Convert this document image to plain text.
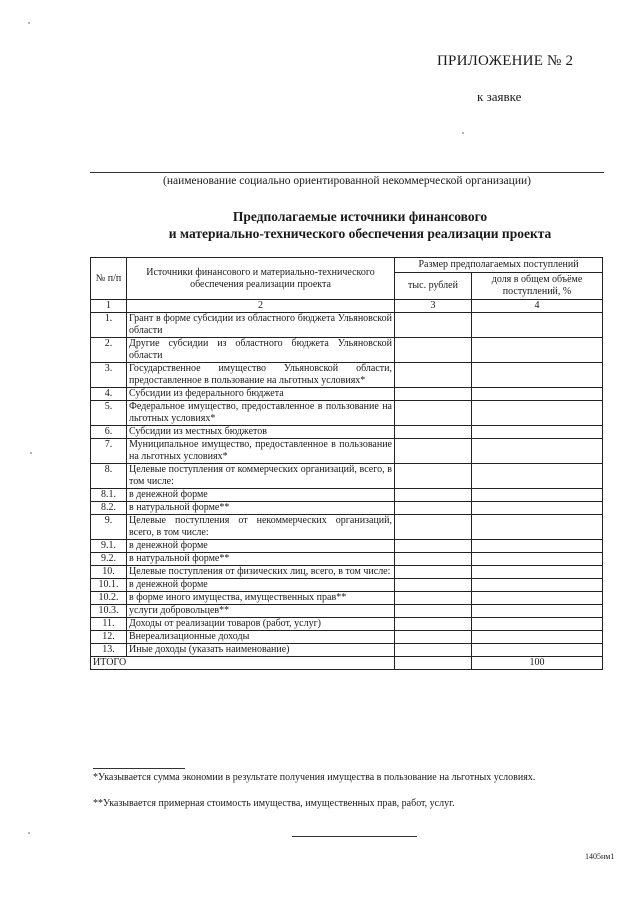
ПРИЛОЖЕНИЕ № 2
к заявке
(наименование социально ориентированной некоммерческой организации)
Предполагаемые источники финансового
и материально-технического обеспечения реализации проекта
№ п/п	Источники финансового и материально-технического обеспечения реализации проекта	Размер предполагаемых поступлений	
		тыс. рублей	доля в общем объёме поступлений, %
1	2	3	4
1.	Грант в форме субсидии из областного бюджета Ульяновской области		
2.	Другие субсидии из областного бюджета Ульяновской области		
3.	Государственное имущество Ульяновской области, предоставленное в пользование на льготных условиях*		
4.	Субсидии из федерального бюджета		
5.	Федеральное имущество, предоставленное в пользование на льготных условиях*		
6.	Субсидии из местных бюджетов		
7.	Муниципальное имущество, предоставленное в пользование на льготных условиях*		
8.	Целевые поступления от коммерческих организаций, всего, в том числе:		
8.1.	в денежной форме		
8.2.	в натуральной форме**		
9.	Целевые поступления от некоммерческих организаций, всего, в том числе:		
9.1.	в денежной форме		
9.2.	в натуральной форме**		
10.	Целевые поступления от физических лиц, всего, в том числе:		
10.1.	в денежной форме		
10.2.	в форме иного имущества, имущественных прав**		
10.3.	услуги добровольцев**		
11.	Доходы от реализации товаров (работ, услуг)		
12.	Внереализационные доходы		
13.	Иные доходы (указать наименование)		
ИТОГО			100
*Указывается сумма экономии в результате получения имущества в пользование на льготных условиях.
**Указывается примерная стоимость имущества, имущественных прав, работ, услуг.
1405нм1
